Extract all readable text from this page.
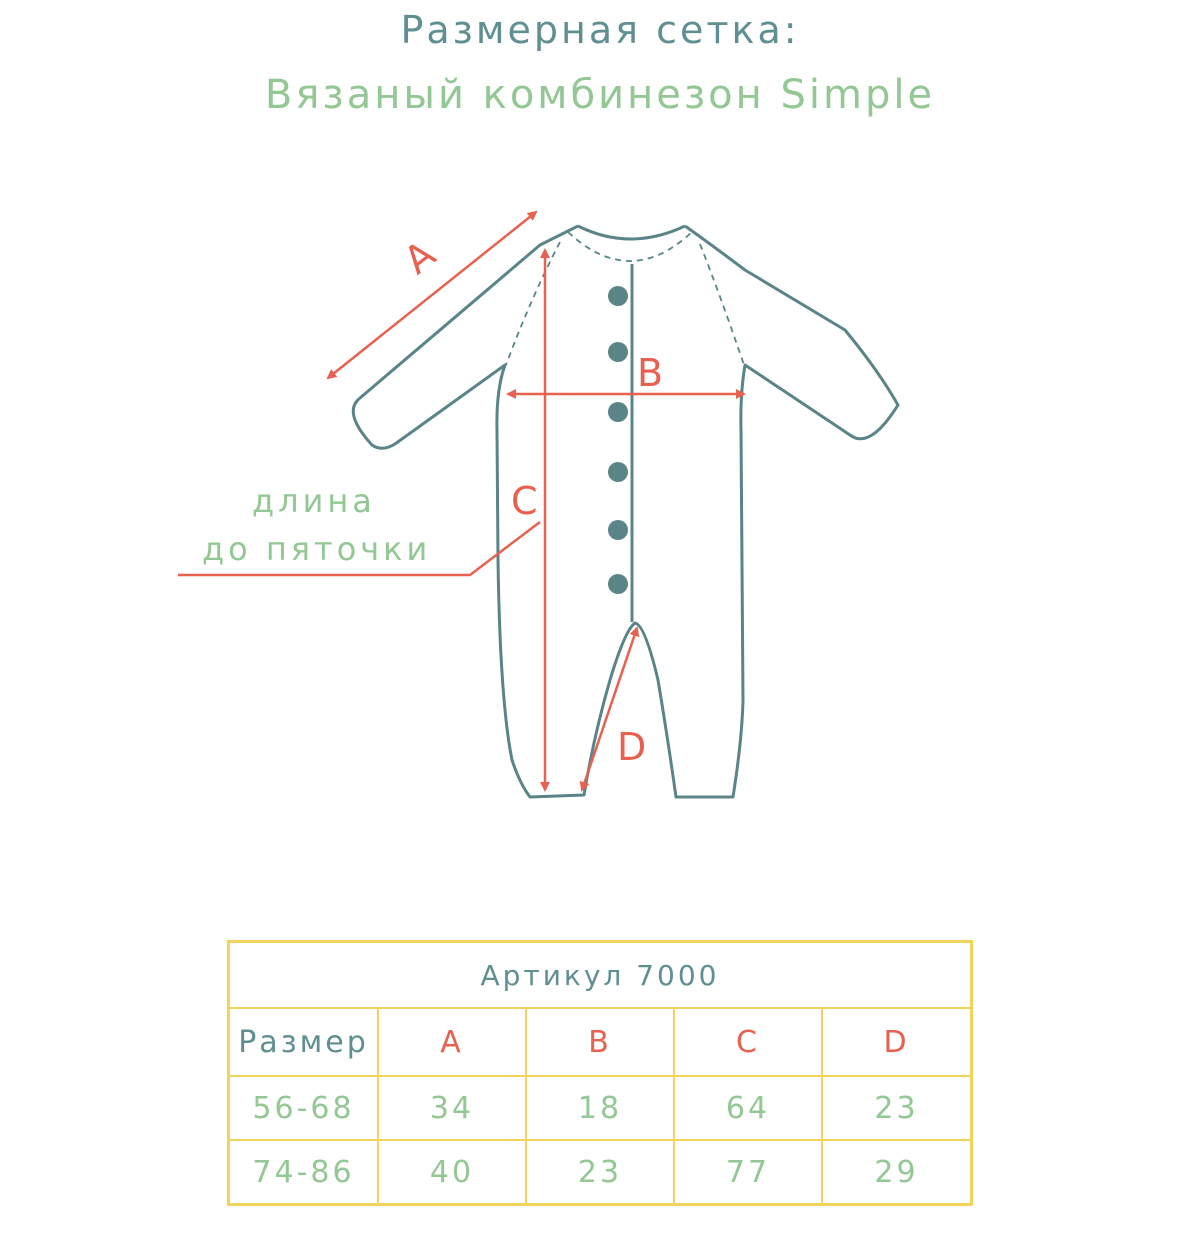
Размерная сетка:
Вязаный комбинезон Simple
A
B
C
D
длина
до пяточки
Артикул 7000				
Размер	A	B	C	D
56-68	34	18	64	23
74-86	40	23	77	29
